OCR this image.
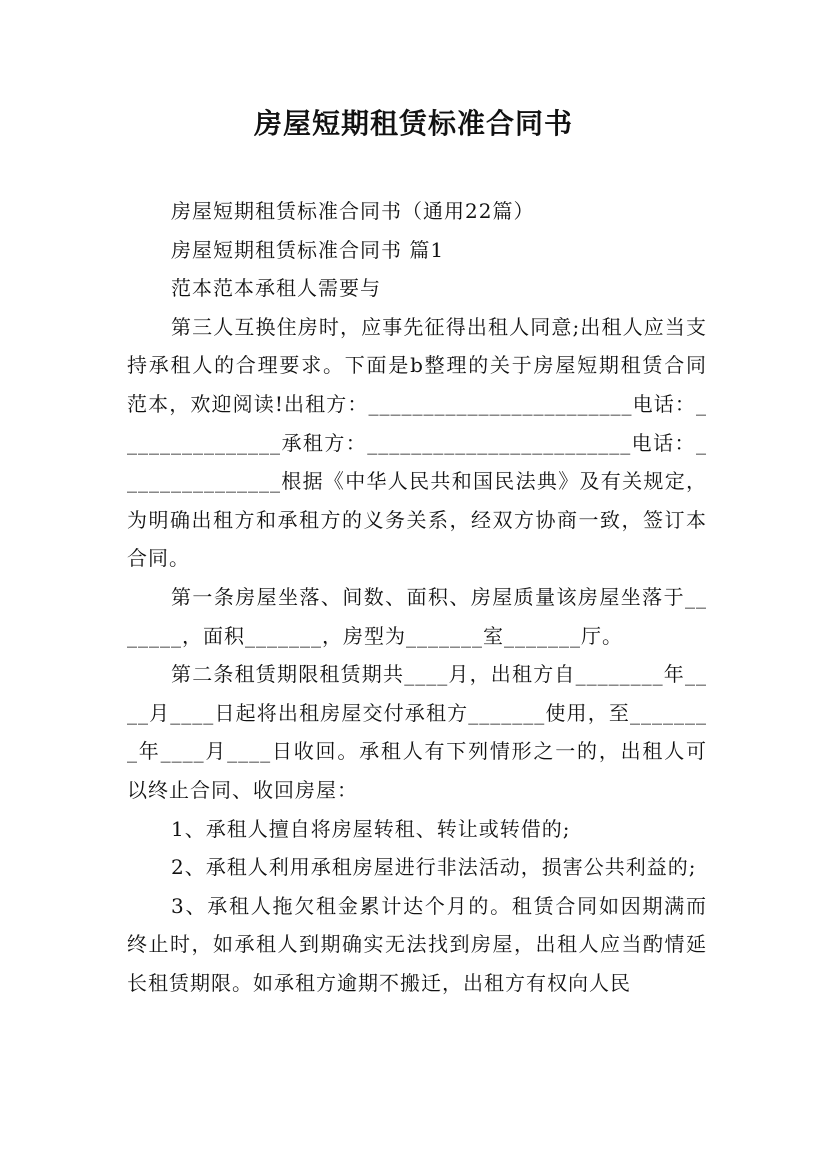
房屋短期租赁标准合同书

房屋短期租赁标准合同书（通用22篇）

房屋短期租赁标准合同书 篇1

范本范本承租人需要与

第三人互换住房时，应事先征得出租人同意;出租人应当支持承租人的合理要求。下面是b整理的关于房屋短期租赁合同范本，欢迎阅读!出租方：________________________电话：_______________承租方：________________________电话：_______________根据《中华人民共和国民法典》及有关规定，为明确出租方和承租方的义务关系，经双方协商一致，签订本合同。

第一条房屋坐落、间数、面积、房屋质量该房屋坐落于_______，面积_______，房型为_______室_______厅。

第二条租赁期限租赁期共____月，出租方自________年____月____日起将出租房屋交付承租方_______使用，至________年____月____日收回。承租人有下列情形之一的，出租人可以终止合同、收回房屋：

1、承租人擅自将房屋转租、转让或转借的;

2、承租人利用承租房屋进行非法活动，损害公共利益的;

3、承租人拖欠租金累计达个月的。租赁合同如因期满而终止时，如承租人到期确实无法找到房屋，出租人应当酌情延长租赁期限。如承租方逾期不搬迁，出租方有权向人民
